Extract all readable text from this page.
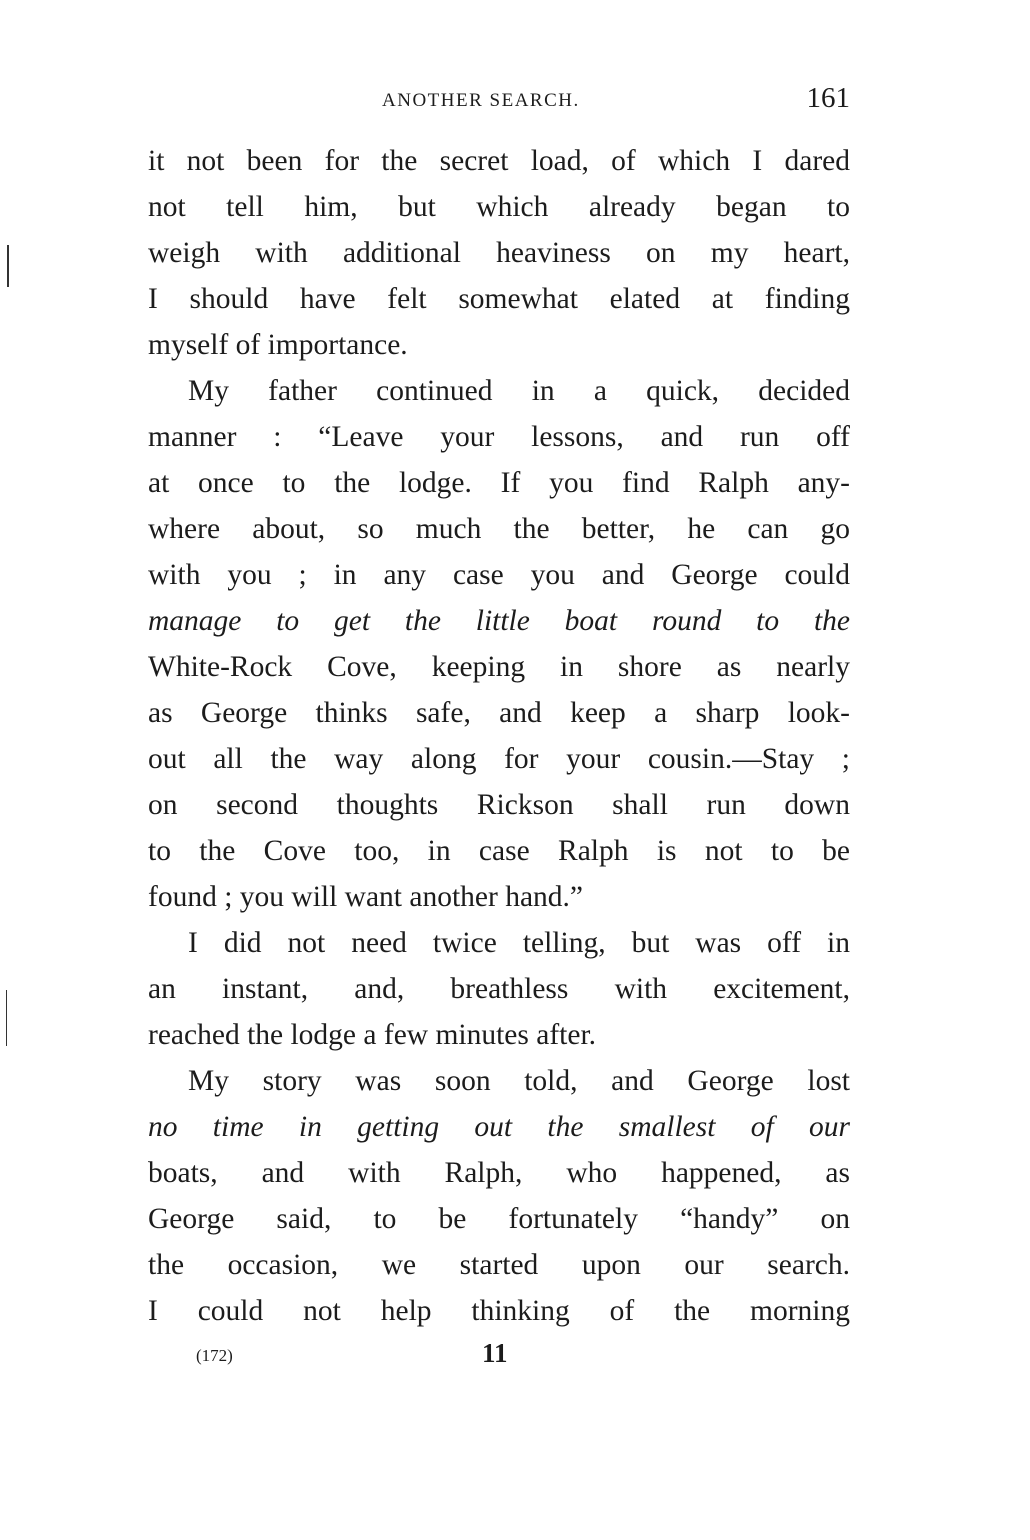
ANOTHER SEARCH.	161
it not been for the secret load, of which I dared
not tell him, but which already began to
weigh with additional heaviness on my heart,
I should have felt somewhat elated at finding
myself of importance.
My father continued in a quick, decided
manner : “Leave your lessons, and run off
at once to the lodge. If you find Ralph any-
where about, so much the better, he can go
with you ; in any case you and George could
manage to get the little boat round to the
White-Rock Cove, keeping in shore as nearly
as George thinks safe, and keep a sharp look-
out all the way along for your cousin.—Stay ;
on second thoughts Rickson shall run down
to the Cove too, in case Ralph is not to be
found ; you will want another hand.”
I did not need twice telling, but was off in
an instant, and, breathless with excitement,
reached the lodge a few minutes after.
My story was soon told, and George lost
no time in getting out the smallest of our
boats, and with Ralph, who happened, as
George said, to be fortunately “handy” on
the occasion, we started upon our search.
I could not help thinking of the morning
(172)	11
